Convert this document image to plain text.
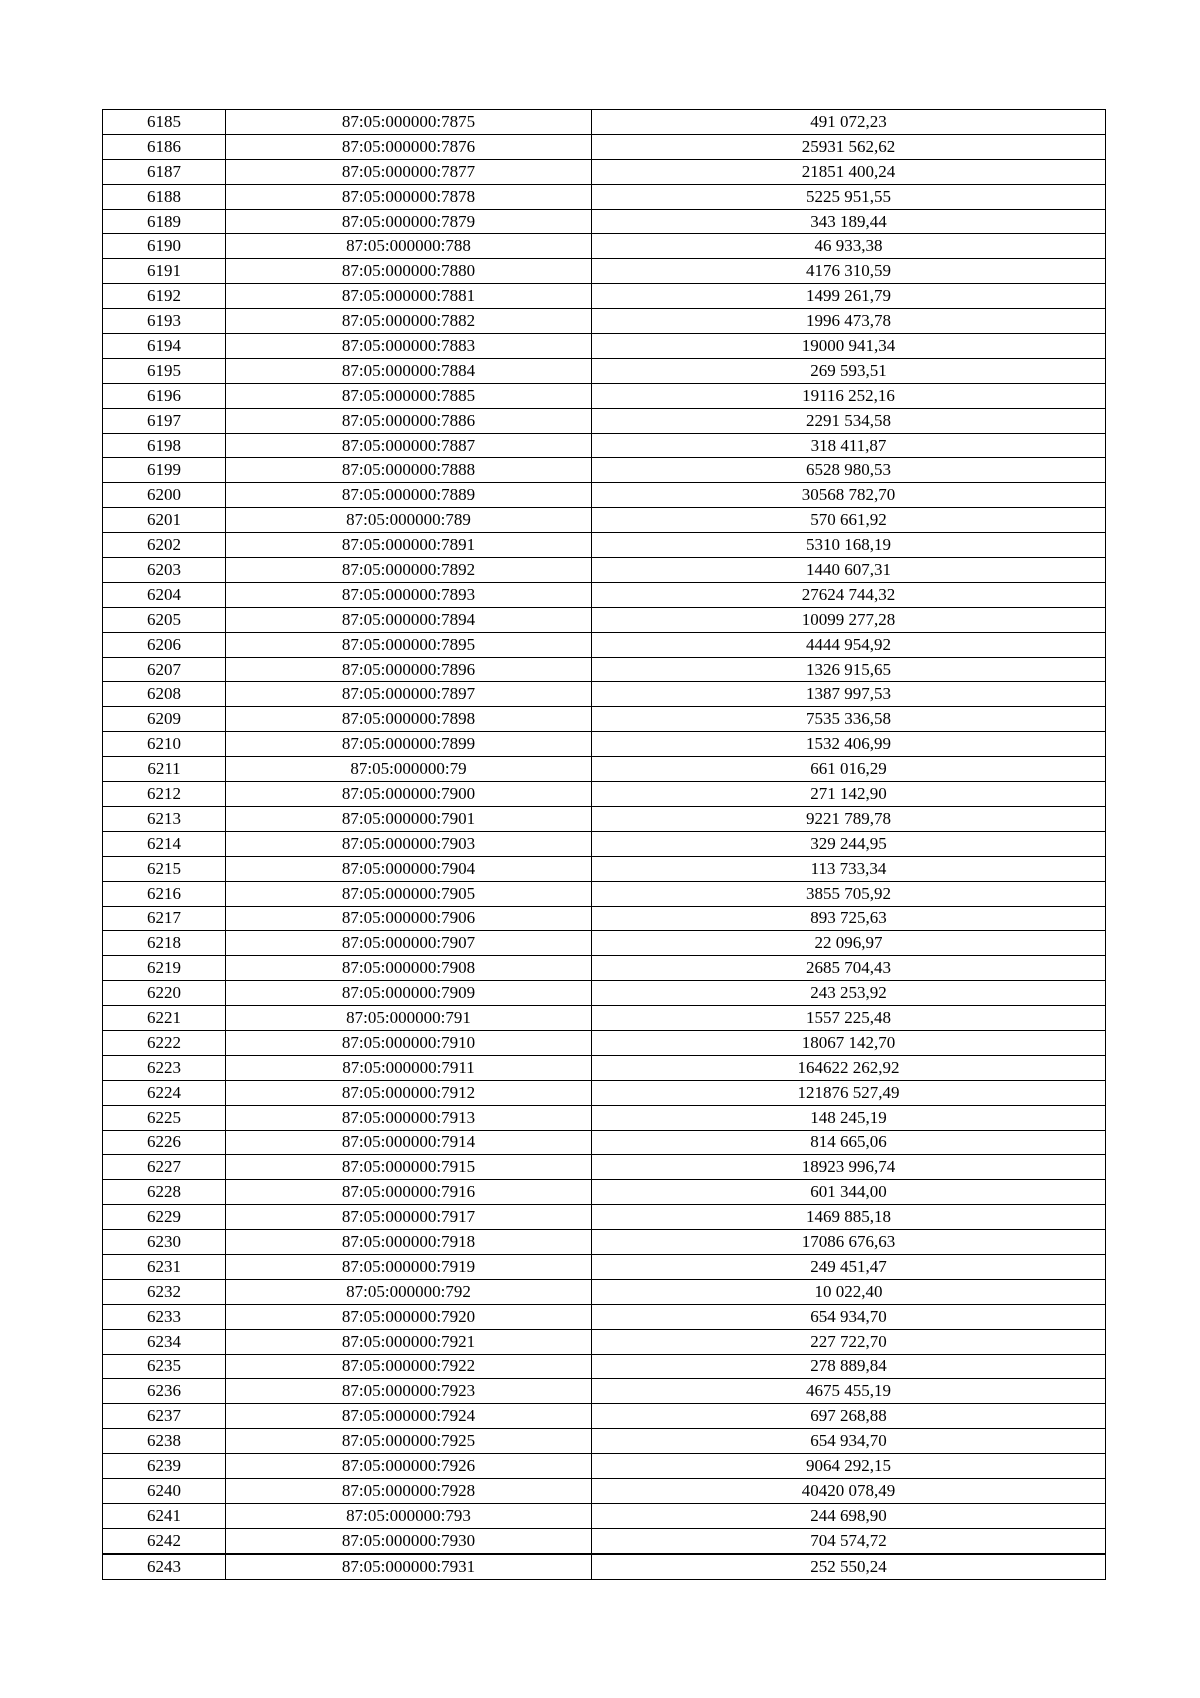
6185	87:05:000000:7875	491 072,23
6186	87:05:000000:7876	25931 562,62
6187	87:05:000000:7877	21851 400,24
6188	87:05:000000:7878	5225 951,55
6189	87:05:000000:7879	343 189,44
6190	87:05:000000:788	46 933,38
6191	87:05:000000:7880	4176 310,59
6192	87:05:000000:7881	1499 261,79
6193	87:05:000000:7882	1996 473,78
6194	87:05:000000:7883	19000 941,34
6195	87:05:000000:7884	269 593,51
6196	87:05:000000:7885	19116 252,16
6197	87:05:000000:7886	2291 534,58
6198	87:05:000000:7887	318 411,87
6199	87:05:000000:7888	6528 980,53
6200	87:05:000000:7889	30568 782,70
6201	87:05:000000:789	570 661,92
6202	87:05:000000:7891	5310 168,19
6203	87:05:000000:7892	1440 607,31
6204	87:05:000000:7893	27624 744,32
6205	87:05:000000:7894	10099 277,28
6206	87:05:000000:7895	4444 954,92
6207	87:05:000000:7896	1326 915,65
6208	87:05:000000:7897	1387 997,53
6209	87:05:000000:7898	7535 336,58
6210	87:05:000000:7899	1532 406,99
6211	87:05:000000:79	661 016,29
6212	87:05:000000:7900	271 142,90
6213	87:05:000000:7901	9221 789,78
6214	87:05:000000:7903	329 244,95
6215	87:05:000000:7904	113 733,34
6216	87:05:000000:7905	3855 705,92
6217	87:05:000000:7906	893 725,63
6218	87:05:000000:7907	22 096,97
6219	87:05:000000:7908	2685 704,43
6220	87:05:000000:7909	243 253,92
6221	87:05:000000:791	1557 225,48
6222	87:05:000000:7910	18067 142,70
6223	87:05:000000:7911	164622 262,92
6224	87:05:000000:7912	121876 527,49
6225	87:05:000000:7913	148 245,19
6226	87:05:000000:7914	814 665,06
6227	87:05:000000:7915	18923 996,74
6228	87:05:000000:7916	601 344,00
6229	87:05:000000:7917	1469 885,18
6230	87:05:000000:7918	17086 676,63
6231	87:05:000000:7919	249 451,47
6232	87:05:000000:792	10 022,40
6233	87:05:000000:7920	654 934,70
6234	87:05:000000:7921	227 722,70
6235	87:05:000000:7922	278 889,84
6236	87:05:000000:7923	4675 455,19
6237	87:05:000000:7924	697 268,88
6238	87:05:000000:7925	654 934,70
6239	87:05:000000:7926	9064 292,15
6240	87:05:000000:7928	40420 078,49
6241	87:05:000000:793	244 698,90
6242	87:05:000000:7930	704 574,72
6243	87:05:000000:7931	252 550,24
